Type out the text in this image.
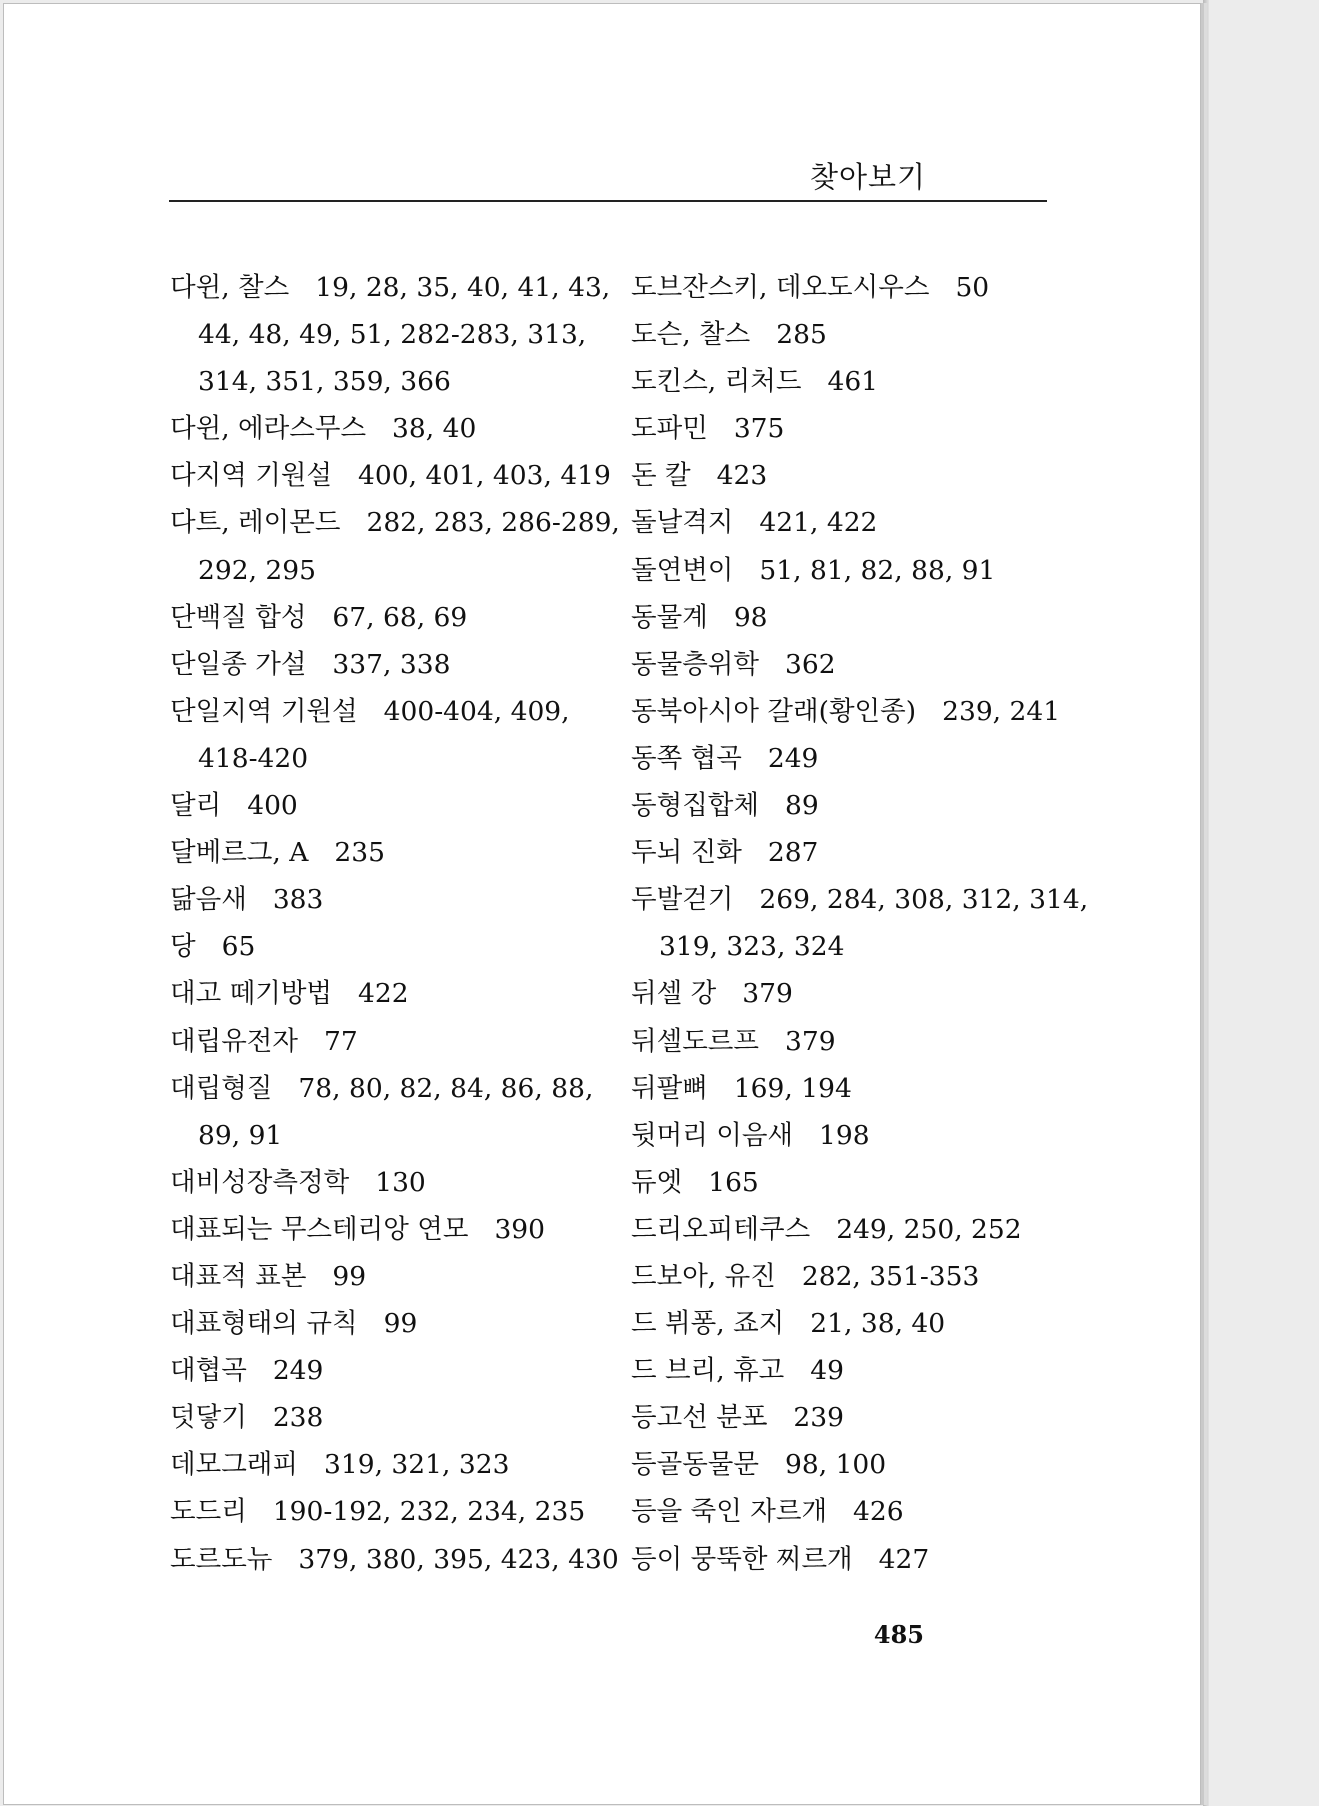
찾아보기
다윈, 찰스 19, 28, 35, 40, 41, 43,
44, 48, 49, 51, 282-283, 313,
314, 351, 359, 366
다윈, 에라스무스 38, 40
다지역 기원설 400, 401, 403, 419
다트, 레이몬드 282, 283, 286-289,
292, 295
단백질 합성 67, 68, 69
단일종 가설 337, 338
단일지역 기원설 400-404, 409,
418-420
달리 400
달베르그, A 235
닮음새 383
당 65
대고 떼기방법 422
대립유전자 77
대립형질 78, 80, 82, 84, 86, 88,
89, 91
대비성장측정학 130
대표되는 무스테리앙 연모 390
대표적 표본 99
대표형태의 규칙 99
대협곡 249
덧닿기 238
데모그래피 319, 321, 323
도드리 190-192, 232, 234, 235
도르도뉴 379, 380, 395, 423, 430
도브잔스키, 데오도시우스 50
도슨, 찰스 285
도킨스, 리처드 461
도파민 375
돈 칼 423
돌날격지 421, 422
돌연변이 51, 81, 82, 88, 91
동물계 98
동물층위학 362
동북아시아 갈래(황인종) 239, 241
동쪽 협곡 249
동형집합체 89
두뇌 진화 287
두발걷기 269, 284, 308, 312, 314,
319, 323, 324
뒤셀 강 379
뒤셀도르프 379
뒤팔뼈 169, 194
뒷머리 이음새 198
듀엣 165
드리오피테쿠스 249, 250, 252
드보아, 유진 282, 351-353
드 뷔퐁, 죠지 21, 38, 40
드 브리, 휴고 49
등고선 분포 239
등골동물문 98, 100
등을 죽인 자르개 426
등이 뭉뚝한 찌르개 427
485
